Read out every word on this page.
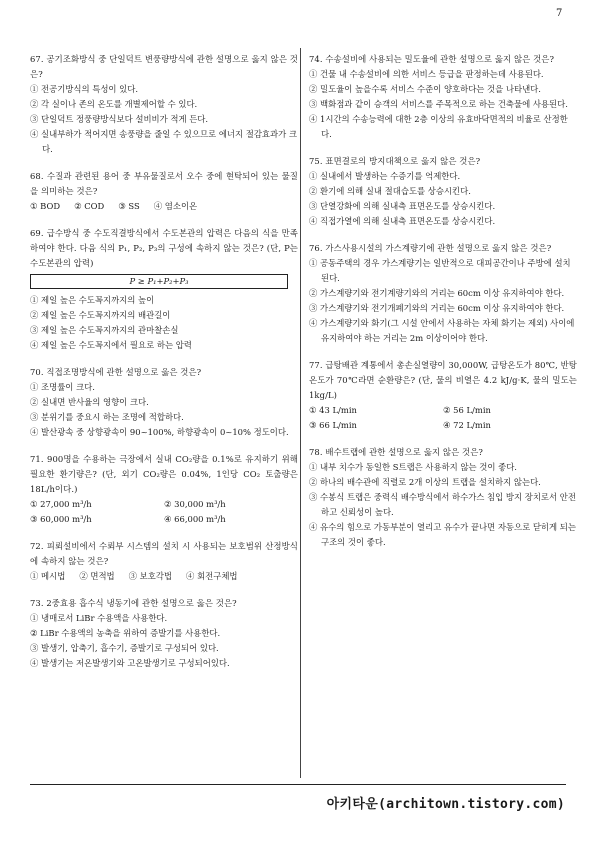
7
67. 공기조화방식 중 단일덕트 변풍량방식에 관한 설명으로 옳지 않은 것은?
① 전공기방식의 특성이 있다.
② 각 실이나 존의 온도를 개별제어할 수 있다.
③ 단일덕트 정풍량방식보다 설비비가 적게 든다.
④ 실내부하가 적어지면 송풍량을 줄일 수 있으므로 에너지 절감효과가 크다.
68. 수질과 관련된 용어 중 부유물질로서 오수 중에 현탁되어 있는 물질을 의미하는 것은?
① BOD ② COD ③ SS ④ 염소이온
69. 급수방식 중 수도직결방식에서 수도본관의 압력은 다음의 식을 만족하여야 한다. 다음 식의 P₁, P₂, P₃의 구성에 속하지 않는 것은? (단, P는 수도본관의 압력)
P ≥ P₁+P₂+P₃
① 제일 높은 수도꼭지까지의 높이
② 제일 높은 수도꼭지까지의 배관길이
③ 제일 높은 수도꼭지까지의 관마찰손실
④ 제일 높은 수도꼭지에서 필요로 하는 압력
70. 직접조명방식에 관한 설명으로 옳은 것은?
① 조명률이 크다.
② 실내면 반사율의 영향이 크다.
③ 분위기를 중요시 하는 조명에 적합하다.
④ 발산광속 중 상향광속이 90~100%, 하향광속이 0~10% 정도이다.
71. 900명을 수용하는 극장에서 실내 CO₂량을 0.1%로 유지하기 위해 필요한 환기량은? (단, 외기 CO₂량은 0.04%, 1인당 CO₂ 토출량은 18L/h이다.)
① 27,000 m³/h	② 30,000 m³/h
③ 60,000 m³/h	④ 66,000 m³/h
72. 피뢰설비에서 수뢰부 시스템의 설치 시 사용되는 보호범위 산정방식에 속하지 않는 것은?
① 메시법 ② 면적법 ③ 보호각법 ④ 회전구체법
73. 2중효용 흡수식 냉동기에 관한 설명으로 옳은 것은?
① 냉매로서 LiBr 수용액을 사용한다.
② LiBr 수용액의 농축을 위하여 증발기를 사용한다.
③ 발생기, 압축기, 흡수기, 증발기로 구성되어 있다.
④ 발생기는 저온발생기와 고온발생기로 구성되어있다.
74. 수송설비에 사용되는 밀도율에 관한 설명으로 옳지 않은 것은?
① 건물 내 수송설비에 의한 서비스 등급을 판정하는데 사용된다.
② 밀도율이 높을수록 서비스 수준이 양호하다는 것을 나타낸다.
③ 백화점과 같이 승객의 서비스를 주목적으로 하는 건축물에 사용된다.
④ 1시간의 수송능력에 대한 2층 이상의 유효바닥면적의 비율로 산정한다.
75. 표면결로의 방지대책으로 옳지 않은 것은?
① 실내에서 발생하는 수증기를 억제한다.
② 환기에 의해 실내 절대습도를 상승시킨다.
③ 단열강화에 의해 실내측 표면온도를 상승시킨다.
④ 직접가열에 의해 실내측 표면온도를 상승시킨다.
76. 가스사용시설의 가스계량기에 관한 설명으로 옳지 않은 것은?
① 공동주택의 경우 가스계량기는 일반적으로 대피공간이나 주방에 설치된다.
② 가스계량기와 전기계량기와의 거리는 60cm 이상 유지하여야 한다.
③ 가스계량기와 전기개폐기와의 거리는 60cm 이상 유지하여야 한다.
④ 가스계량기와 화기(그 시설 안에서 사용하는 자체 화기는 제외) 사이에 유지하여야 하는 거리는 2m 이상이어야 한다.
77. 급탕배관 계통에서 총손실열량이 30,000W, 급탕온도가 80℃, 반탕온도가 70℃라면 순환량은? (단, 물의 비열은 4.2 kJ/g·K, 물의 밀도는 1kg/L)
① 43 L/min	② 56 L/min
③ 66 L/min	④ 72 L/min
78. 배수트랩에 관한 설명으로 옳지 않은 것은?
① 내부 치수가 동일한 S트랩은 사용하지 않는 것이 좋다.
② 하나의 배수관에 직렬로 2개 이상의 트랩을 설치하지 않는다.
③ 수봉식 트랩은 중력식 배수방식에서 하수가스 침입 방지 장치로서 안전하고 신뢰성이 높다.
④ 유수의 힘으로 가동부분이 열리고 유수가 끝나면 자동으로 닫히게 되는 구조의 것이 좋다.
아키타운(architown.tistory.com)
